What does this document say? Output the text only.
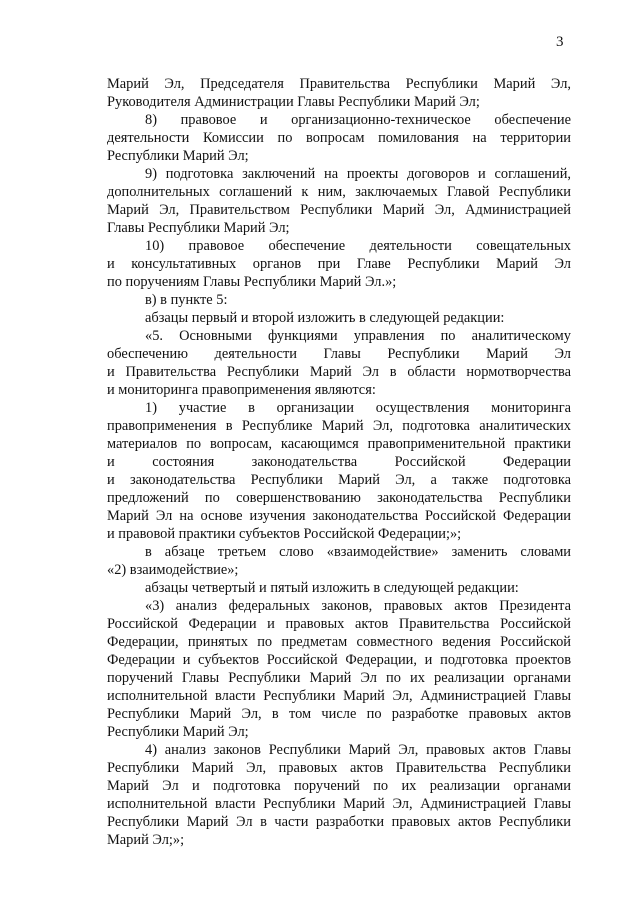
3
Марий Эл, Председателя Правительства Республики Марий Эл,
Руководителя Администрации Главы Республики Марий Эл;
8) правовое и организационно-техническое обеспечение
деятельности Комиссии по вопросам помилования на территории
Республики Марий Эл;
9) подготовка заключений на проекты договоров и соглашений,
дополнительных соглашений к ним, заключаемых Главой Республики
Марий Эл, Правительством Республики Марий Эл, Администрацией
Главы Республики Марий Эл;
10) правовое обеспечение деятельности совещательных
и консультативных органов при Главе Республики Марий Эл
по поручениям Главы Республики Марий Эл.»;
в) в пункте 5:
абзацы первый и второй изложить в следующей редакции:
«5. Основными функциями управления по аналитическому
обеспечению деятельности Главы Республики Марий Эл
и Правительства Республики Марий Эл в области нормотворчества
и мониторинга правоприменения являются:
1) участие в организации осуществления мониторинга
правоприменения в Республике Марий Эл, подготовка аналитических
материалов по вопросам, касающимся правоприменительной практики
и состояния законодательства Российской Федерации
и законодательства Республики Марий Эл, а также подготовка
предложений по совершенствованию законодательства Республики
Марий Эл на основе изучения законодательства Российской Федерации
и правовой практики субъектов Российской Федерации;»;
в абзаце третьем слово «взаимодействие» заменить словами
«2) взаимодействие»;
абзацы четвертый и пятый изложить в следующей редакции:
«3) анализ федеральных законов, правовых актов Президента
Российской Федерации и правовых актов Правительства Российской
Федерации, принятых по предметам совместного ведения Российской
Федерации и субъектов Российской Федерации, и подготовка проектов
поручений Главы Республики Марий Эл по их реализации органами
исполнительной власти Республики Марий Эл, Администрацией Главы
Республики Марий Эл, в том числе по разработке правовых актов
Республики Марий Эл;
4) анализ законов Республики Марий Эл, правовых актов Главы
Республики Марий Эл, правовых актов Правительства Республики
Марий Эл и подготовка поручений по их реализации органами
исполнительной власти Республики Марий Эл, Администрацией Главы
Республики Марий Эл в части разработки правовых актов Республики
Марий Эл;»;
